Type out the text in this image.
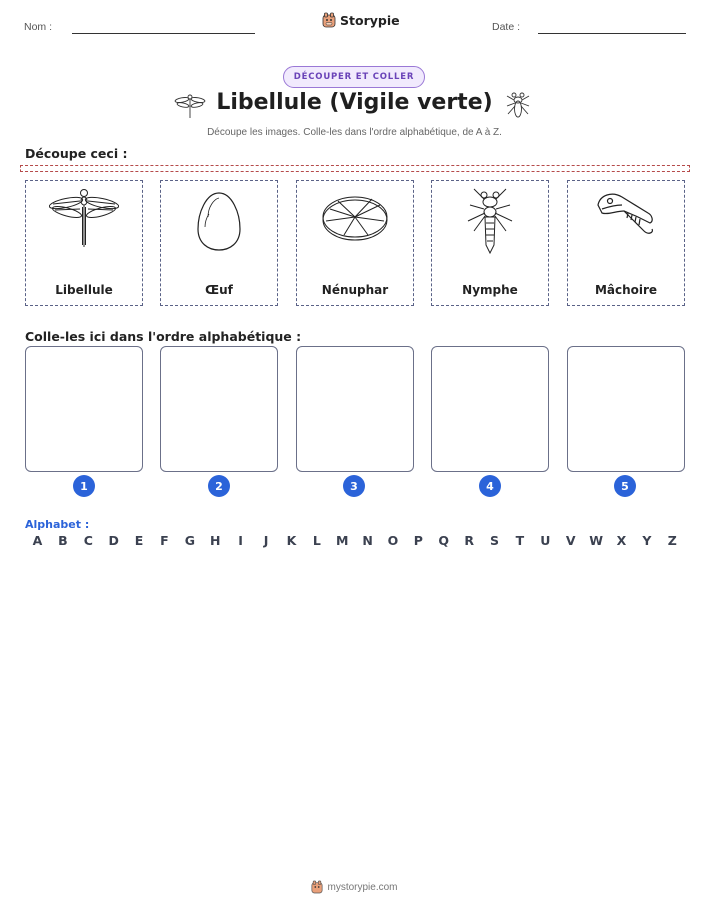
Nom :	Storypie	Date :
DÉCOUPER ET COLLER
Libellule (Vigile verte)
Découpe les images. Colle-les dans l'ordre alphabétique, de A à Z.
Découpe ceci :
Libellule	Œuf	Nénuphar	Nymphe	Mâchoire
Colle-les ici dans l'ordre alphabétique :
1	2	3	4	5
Alphabet :
A	B	C	D	E	F	G	H	I	J	K	L	M	N	O	P	Q	R	S	T	U	V	W	X	Y	Z
mystorypie.com
